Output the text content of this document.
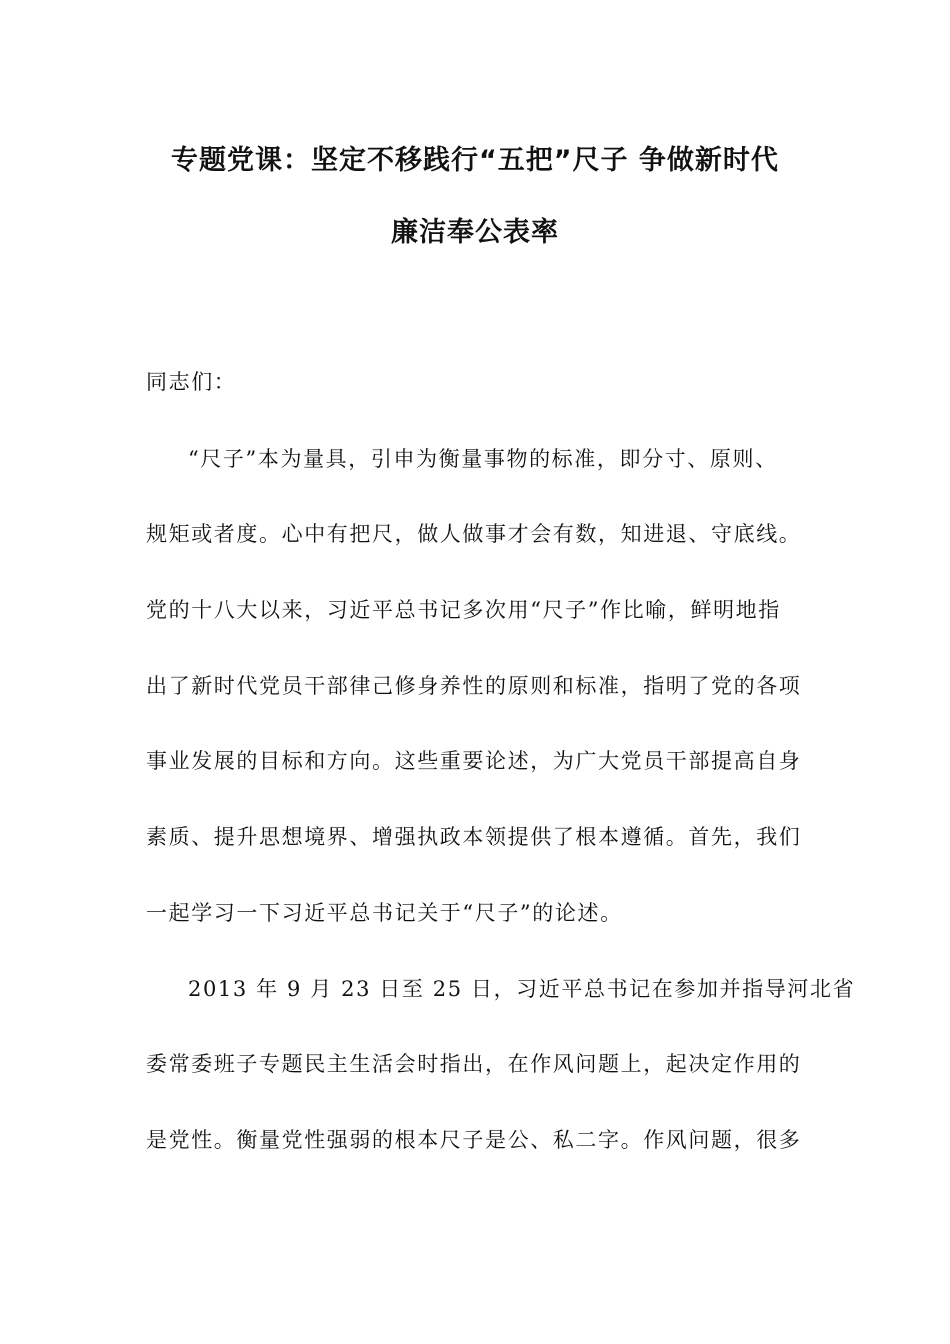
专题党课：坚定不移践行“五把”尺子 争做新时代
廉洁奉公表率
同志们：
“尺子”本为量具，引申为衡量事物的标准，即分寸、原则、
规矩或者度。心中有把尺，做人做事才会有数，知进退、守底线。
党的十八大以来，习近平总书记多次用“尺子”作比喻，鲜明地指
出了新时代党员干部律己修身养性的原则和标准，指明了党的各项
事业发展的目标和方向。这些重要论述，为广大党员干部提高自身
素质、提升思想境界、增强执政本领提供了根本遵循。首先，我们
一起学习一下习近平总书记关于“尺子”的论述。
2013 年 9 月 23 日至 25 日，习近平总书记在参加并指导河北省
委常委班子专题民主生活会时指出，在作风问题上，起决定作用的
是党性。衡量党性强弱的根本尺子是公、私二字。作风问题，很多
